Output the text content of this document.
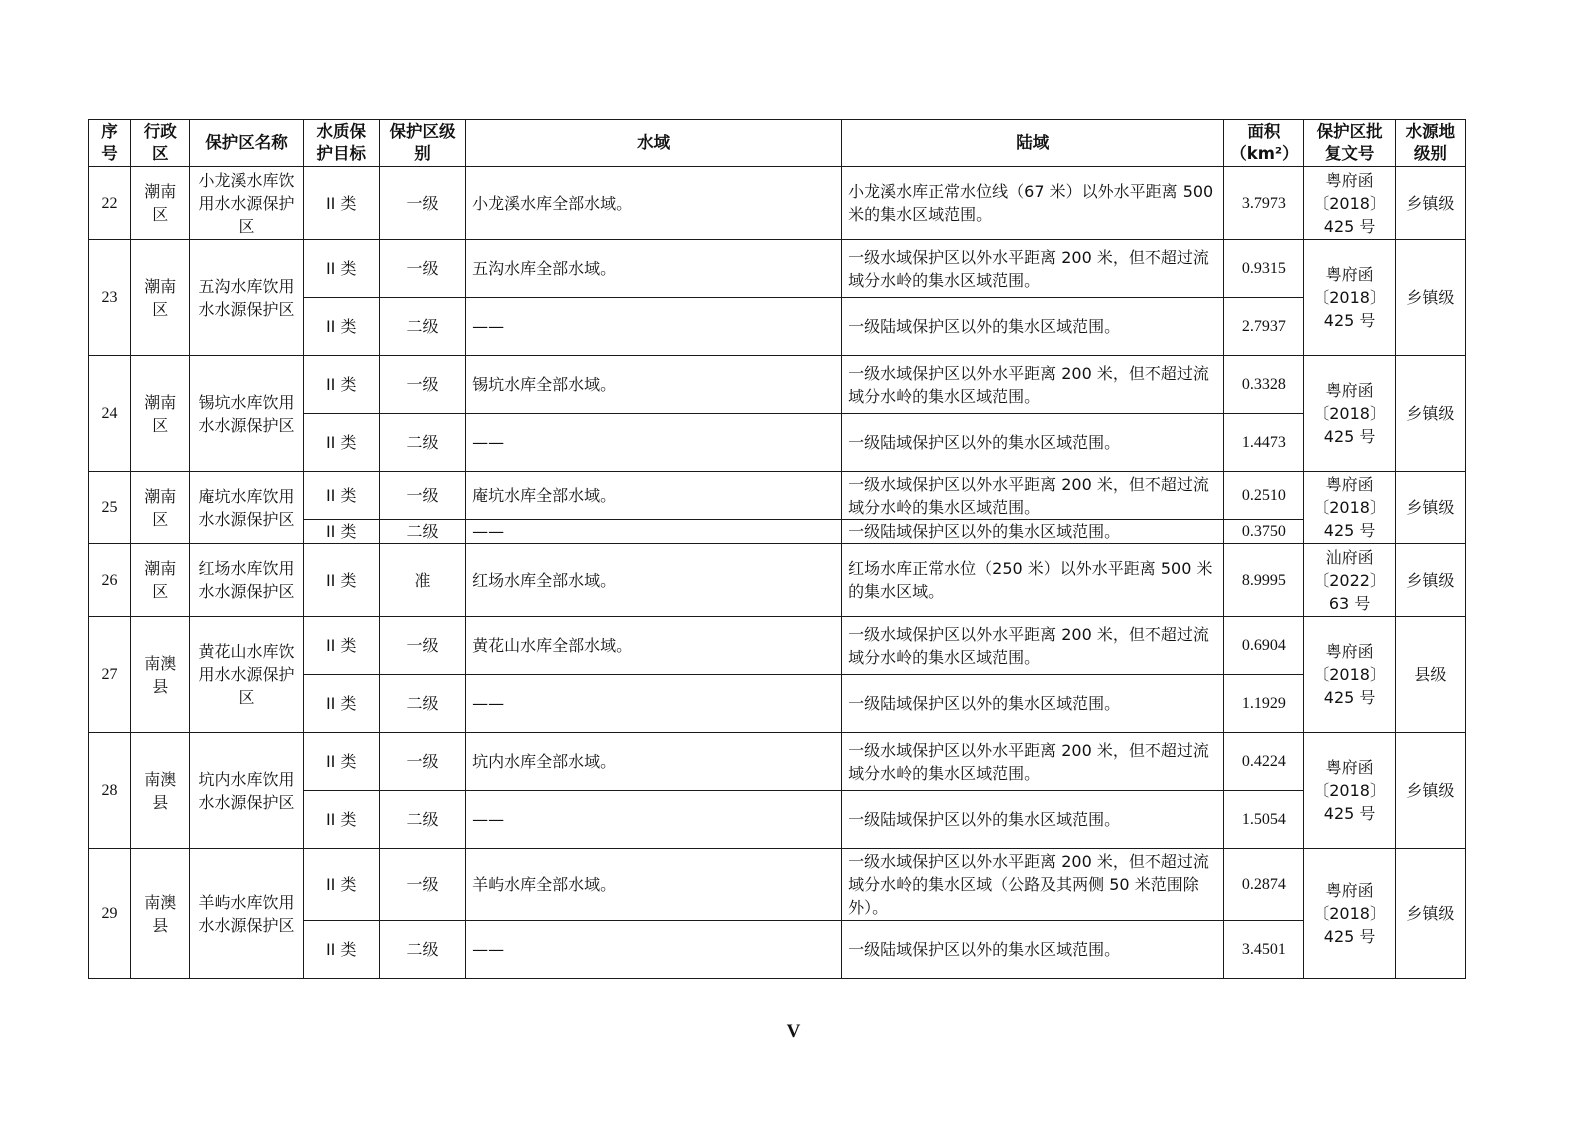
序号	行政区	保护区名称	水质保护目标	保护区级别	水域	陆域	面积（km²）	保护区批复文号	水源地级别
22	潮南区	小龙溪水库饮用水水源保护区	II 类	一级	小龙溪水库全部水域。	小龙溪水库正常水位线（67 米）以外水平距离 500 米的集水区域范围。	3.7973	粤府函〔2018〕425 号	乡镇级
23	潮南区	五沟水库饮用水水源保护区	II 类	一级	五沟水库全部水域。	一级水域保护区以外水平距离 200 米，但不超过流域分水岭的集水区域范围。	0.9315	粤府函〔2018〕425 号	乡镇级
			II 类	二级	——	一级陆域保护区以外的集水区域范围。	2.7937		
24	潮南区	锡坑水库饮用水水源保护区	II 类	一级	锡坑水库全部水域。	一级水域保护区以外水平距离 200 米，但不超过流域分水岭的集水区域范围。	0.3328	粤府函〔2018〕425 号	乡镇级
			II 类	二级	——	一级陆域保护区以外的集水区域范围。	1.4473		
25	潮南区	庵坑水库饮用水水源保护区	II 类	一级	庵坑水库全部水域。	一级水域保护区以外水平距离 200 米，但不超过流域分水岭的集水区域范围。	0.2510	粤府函〔2018〕425 号	乡镇级
			II 类	二级	——	一级陆域保护区以外的集水区域范围。	0.3750		
26	潮南区	红场水库饮用水水源保护区	II 类	准	红场水库全部水域。	红场水库正常水位（250 米）以外水平距离 500 米的集水区域。	8.9995	汕府函〔2022〕63 号	乡镇级
27	南澳县	黄花山水库饮用水水源保护区	II 类	一级	黄花山水库全部水域。	一级水域保护区以外水平距离 200 米，但不超过流域分水岭的集水区域范围。	0.6904	粤府函〔2018〕425 号	县级
			II 类	二级	——	一级陆域保护区以外的集水区域范围。	1.1929		
28	南澳县	坑内水库饮用水水源保护区	II 类	一级	坑内水库全部水域。	一级水域保护区以外水平距离 200 米，但不超过流域分水岭的集水区域范围。	0.4224	粤府函〔2018〕425 号	乡镇级
			II 类	二级	——	一级陆域保护区以外的集水区域范围。	1.5054		
29	南澳县	羊屿水库饮用水水源保护区	II 类	一级	羊屿水库全部水域。	一级水域保护区以外水平距离 200 米，但不超过流域分水岭的集水区域（公路及其两侧 50 米范围除外）。	0.2874	粤府函〔2018〕425 号	乡镇级
			II 类	二级	——	一级陆域保护区以外的集水区域范围。	3.4501		
V
